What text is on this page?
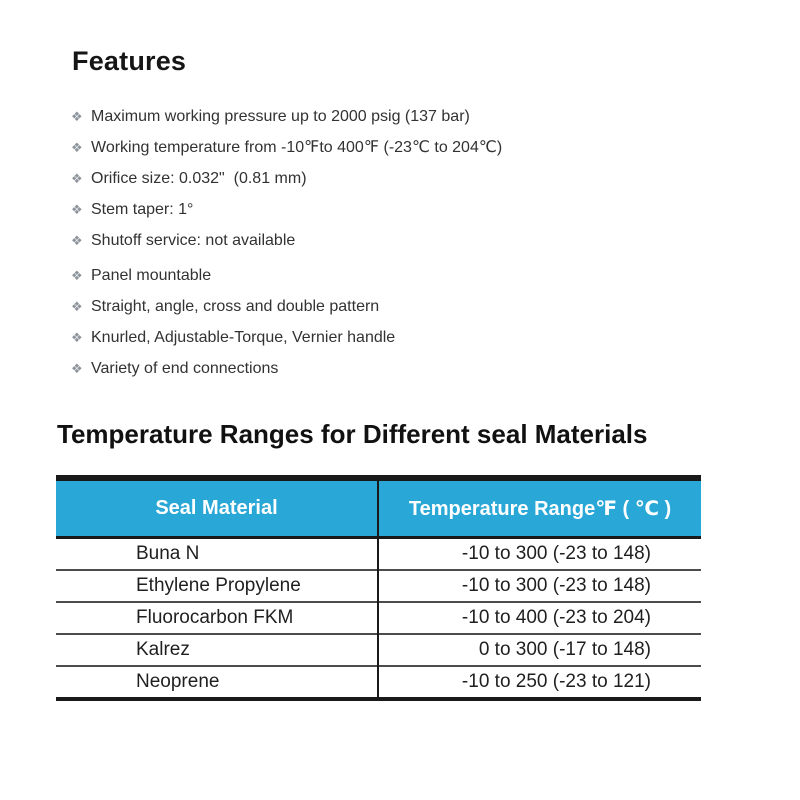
Features
❖ Maximum working pressure up to 2000 psig (137 bar)
❖ Working temperature from -10℉to 400℉ (-23℃ to 204℃)
❖ Orifice size: 0.032"  (0.81 mm)
❖ Stem taper: 1°
❖ Shutoff service: not available
❖ Panel mountable
❖ Straight, angle, cross and double pattern
❖ Knurled, Adjustable-Torque, Vernier handle
❖ Variety of end connections
Temperature Ranges for Different seal Materials
Seal Material	Temperature Range℉ ( ℃ )
Buna N	-10 to 300 (-23 to 148)
Ethylene Propylene	-10 to 300 (-23 to 148)
Fluorocarbon FKM	-10 to 400 (-23 to 204)
Kalrez	0 to 300 (-17 to 148)
Neoprene	-10 to 250 (-23 to 121)
